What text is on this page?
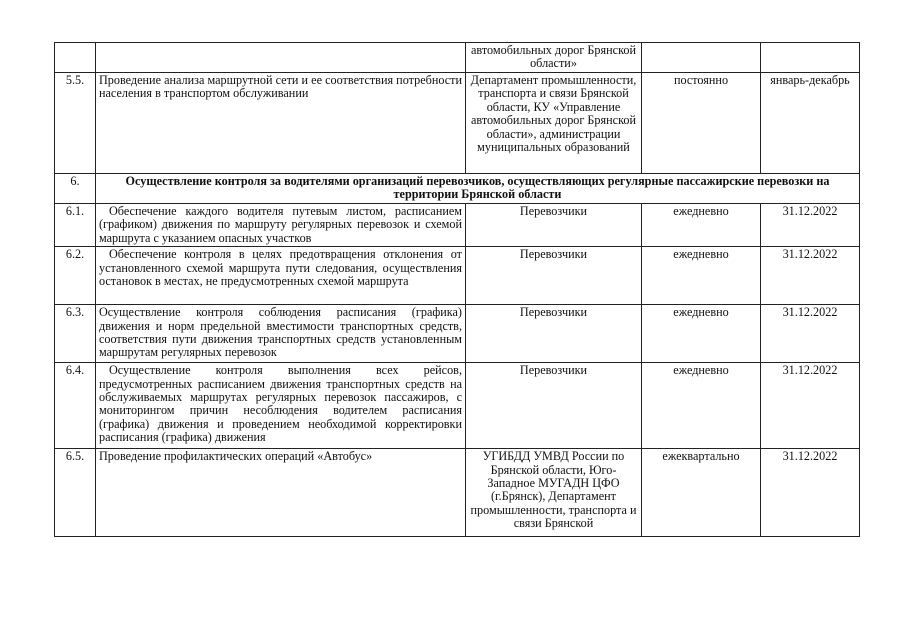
		автомобильных дорог Брянской области»		
5.5.	Проведение анализа маршрутной сети и ее соответствия потребности населения в транспортом обслуживании	Департамент промышленности, транспорта и связи Брянской области, КУ «Управление автомобильных дорог Брянской области», администрации муниципальных образований	постоянно	январь-декабрь
6.	Осуществление контроля за водителями организаций перевозчиков, осуществляющих регулярные пассажирские перевозки на территории Брянской области			
6.1.	Обеспечение каждого водителя путевым листом, расписанием (графиком) движения по маршруту регулярных перевозок и схемой маршрута с указанием опасных участков	Перевозчики	ежедневно	31.12.2022
6.2.	Обеспечение контроля в целях предотвращения отклонения от установленного схемой маршрута пути следования, осуществления остановок в местах, не предусмотренных схемой маршрута	Перевозчики	ежедневно	31.12.2022
6.3.	Осуществление контроля соблюдения расписания (графика) движения и норм предельной вместимости транспортных средств, соответствия пути движения транспортных средств установленным маршрутам регулярных перевозок	Перевозчики	ежедневно	31.12.2022
6.4.	Осуществление контроля выполнения всех рейсов, предусмотренных расписанием движения транспортных средств на обслуживаемых маршрутах регулярных перевозок пассажиров, с мониторингом причин несоблюдения водителем расписания (графика) движения и проведением необходимой корректировки расписания (графика) движения	Перевозчики	ежедневно	31.12.2022
6.5.	Проведение профилактических операций «Автобус»	УГИБДД УМВД России по Брянской области, Юго-Западное МУГАДН ЦФО (г.Брянск), Департамент промышленности, транспорта и связи Брянской	ежеквартально	31.12.2022
